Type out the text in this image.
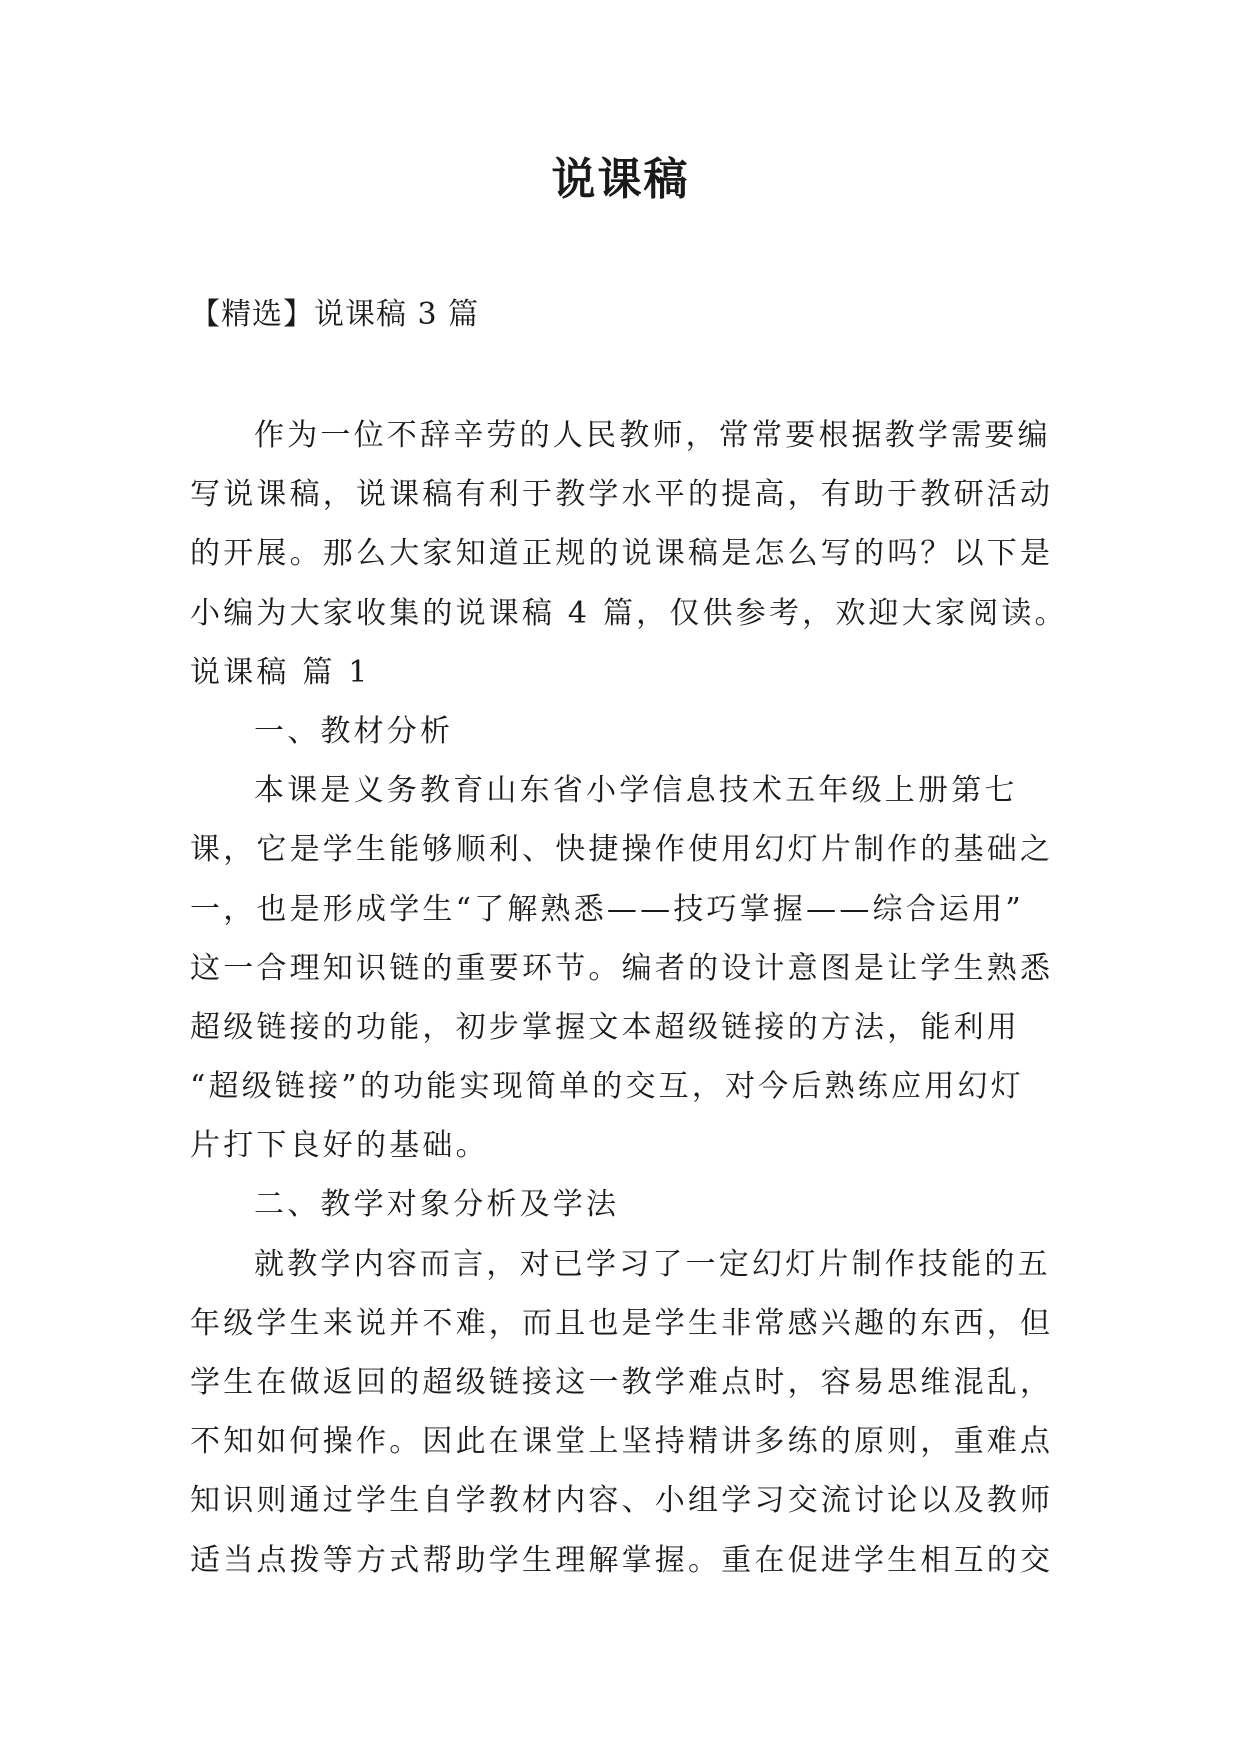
说课稿
【精选】说课稿 3 篇
作为一位不辞辛劳的人民教师，常常要根据教学需要编
写说课稿，说课稿有利于教学水平的提高，有助于教研活动
的开展。那么大家知道正规的说课稿是怎么写的吗？以下是
小编为大家收集的说课稿 4 篇，仅供参考，欢迎大家阅读。
说课稿 篇 1
一、教材分析
本课是义务教育山东省小学信息技术五年级上册第七
课，它是学生能够顺利、快捷操作使用幻灯片制作的基础之
一，也是形成学生“了解熟悉——技巧掌握——综合运用”
这一合理知识链的重要环节。编者的设计意图是让学生熟悉
超级链接的功能，初步掌握文本超级链接的方法，能利用
“超级链接”的功能实现简单的交互，对今后熟练应用幻灯
片打下良好的基础。
二、教学对象分析及学法
就教学内容而言，对已学习了一定幻灯片制作技能的五
年级学生来说并不难，而且也是学生非常感兴趣的东西，但
学生在做返回的超级链接这一教学难点时，容易思维混乱，
不知如何操作。因此在课堂上坚持精讲多练的原则，重难点
知识则通过学生自学教材内容、小组学习交流讨论以及教师
适当点拨等方式帮助学生理解掌握。重在促进学生相互的交
